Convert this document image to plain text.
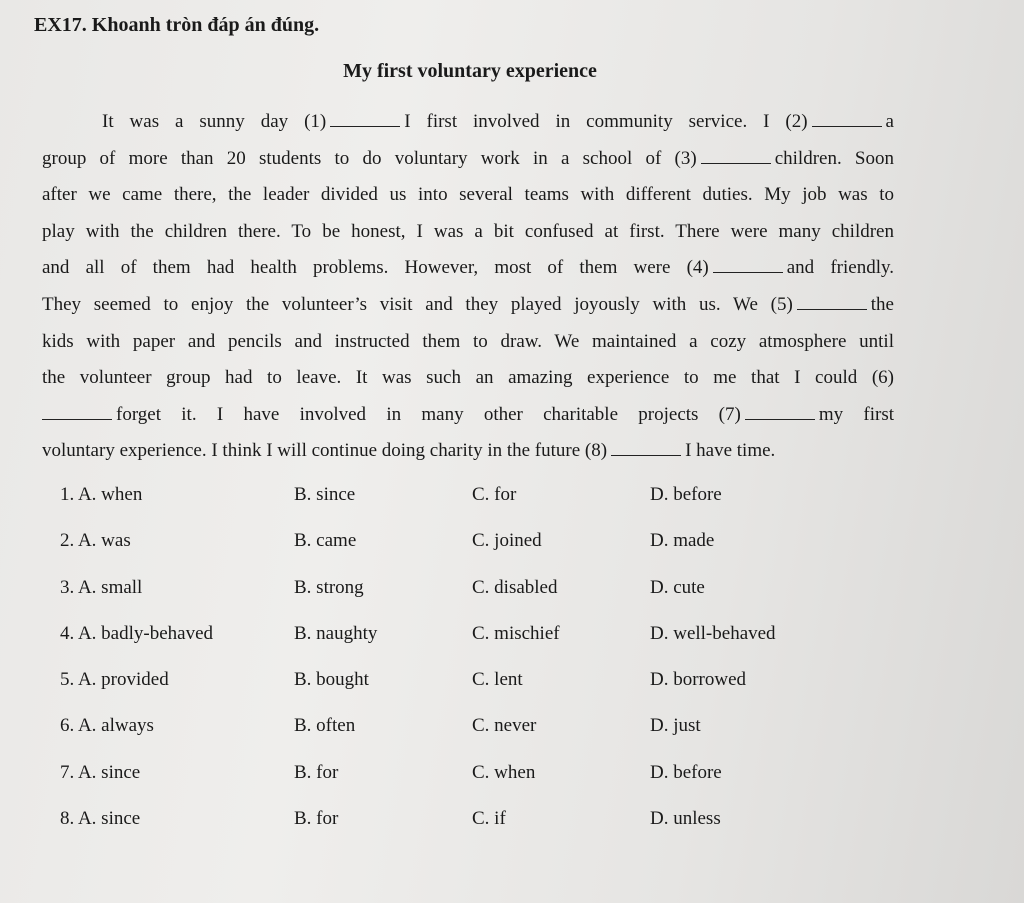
EX17. Khoanh tròn đáp án đúng.
My first voluntary experience
It was a sunny day (1)	I first involved in community service. I (2)	a
group of more than 20 students to do voluntary work in a school of (3)	children. Soon
after we came there, the leader divided us into several teams with different duties. My job was to
play with the children there. To be honest, I was a bit confused at first. There were many children
and all of them had health problems. However, most of them were (4)	and friendly.
They seemed to enjoy the volunteer’s visit and they played joyously with us. We (5)	the
kids with paper and pencils and instructed them to draw. We maintained a cozy atmosphere until
the volunteer group had to leave. It was such an amazing experience to me that I could (6)
forget it. I have involved in many other charitable projects (7)	my first
voluntary experience. I think I will continue doing charity in the future (8)	I have time.
1. A. when	B. since	C. for	D. before
2. A. was	B. came	C. joined	D. made
3. A. small	B. strong	C. disabled	D. cute
4. A. badly-behaved	B. naughty	C. mischief	D. well-behaved
5. A. provided	B. bought	C. lent	D. borrowed
6. A. always	B. often	C. never	D. just
7. A. since	B. for	C. when	D. before
8. A. since	B. for	C. if	D. unless
